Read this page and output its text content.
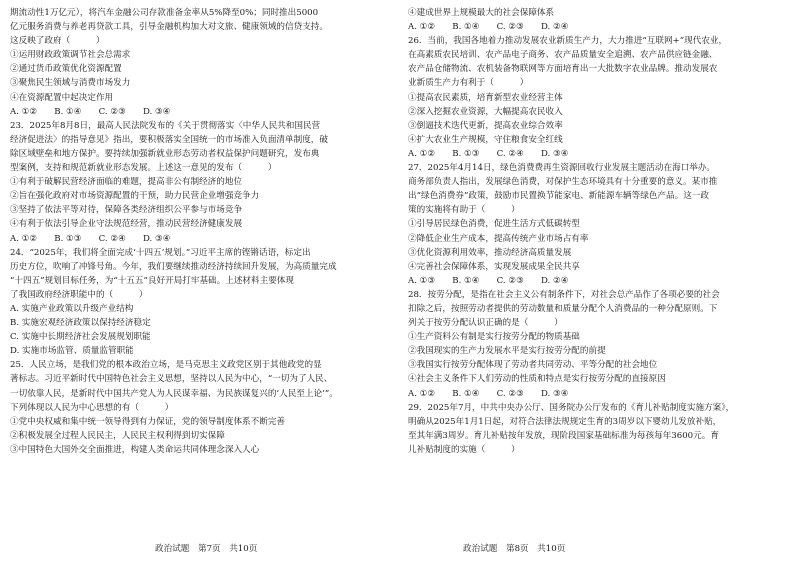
期流动性1万亿元），将汽车金融公司存款准备金率从5%降至0%；同时推出5000
亿元服务消费与养老再贷款工具，引导金融机构加大对文旅、健康领域的信贷支持。
这反映了政府（　　　）
①运用财政政策调节社会总需求
②通过货币政策优化资源配置
③聚焦民生领域与消费市场发力
④在资源配置中起决定作用
A. ①②　　B. ①④　　C. ②③　　D. ③④
23．2025年8月8日，最高人民法院发布的《关于贯彻落实〈中华人民共和国民营
经济促进法〉的指导意见》指出，要积极落实全国统一的市场准入负面清单制度，破
除区域壁垒和地方保护。要持续加强新就业形态劳动者权益保护问题研究，发布典
型案例，支持和规范新就业形态发展。上述这一意见的发布（　　　）
①有利于破解民营经济面临的难题，提高非公有制经济的地位
②旨在强化政府对市场资源配置的干预，助力民营企业增强竞争力
③坚持了依法平等对待，保障各类经济组织公平参与市场竞争
④有利于依法引导企业守法规范经营，推动民营经济健康发展
A. ①②　　B. ①③　　C. ②④　　D. ③④
24．“2025年，我们将全面完成‘十四五’规划。”习近平主席的铿锵话语，标定出
历史方位，吹响了冲锋号角。今年，我们要继续推动经济持续回升发展，为高质量完成
“十四五”规划目标任务，为“十五五”良好开局打牢基础。上述材料主要体现
了我国政府经济职能中的（　　　）
A. 实施产业政策以升级产业结构
B. 实施宏观经济政策以保持经济稳定
C. 实施中长期经济社会发展规划职能
D. 实施市场监管、质量监管职能
25．人民立场，是我们党的根本政治立场，是马克思主义政党区别于其他政党的显
著标志。习近平新时代中国特色社会主义思想，坚持以人民为中心，“一切为了人民、
一切依靠人民，是新时代中国共产党人为人民谋幸福、为民族谋复兴的‘人民至上论’”。
下列体现以人民为中心思想的有（　　　）
①党中央权威和集中统一领导得到有力保证，党的领导制度体系不断完善
②积极发展全过程人民民主，人民民主权利得到切实保障
③中国特色大国外交全面推进，构建人类命运共同体理念深入人心
④建成世界上规模最大的社会保障体系
A. ①②　　B. ①④　　C. ②③　　D. ②④
26．当前，我国各地着力推动发展农业新质生产力，大力推进“互联网+”现代农业，
在高素质农民培训、农产品电子商务、农产品质量安全追溯、农产品供应链金融、
农产品仓储物流、农机装备物联网等方面培育出一大批数字农业品牌。推动发展农
业新质生产力有利于（　　　）
①提高农民素质，培育新型农业经营主体
②深入挖掘农业资源，大幅提高农民收入
③倒逼技术迭代更新，提高农业综合效率
④扩大农业生产规模，守住粮食安全红线
A. ①②　　B. ①③　　C. ②④　　D. ③④
27．2025年4月14日，绿色消费费再生资源回收行业发展主题活动在海口举办。
商务部负责人指出，发展绿色消费，对保护生态环境具有十分重要的意义。某市推
出“绿色消费券”政策，鼓励市民置换节能家电、新能源车辆等绿色产品。这一政
策的实施将有助于（　　　）
①引导居民绿色消费，促进生活方式低碳转型
②降低企业生产成本，提高传统产业市场占有率
③优化资源利用效率，推动经济高质量发展
④完善社会保障体系，实现发展成果全民共享
A. ①③　　B. ①④　　C. ②③　　D. ②④
28．按劳分配，是指在社会主义公有制条件下，对社会总产品作了各项必要的社会
扣除之后，按照劳动者提供的劳动数量和质量分配个人消费品的一种分配原则。下
列关于按劳分配认识正确的是（　　　）
①生产资料公有制是实行按劳分配的物质基础
②我国现实的生产力发展水平是实行按劳分配的前提
③我国实行按劳分配体现了劳动者共同劳动、平等分配的社会地位
④社会主义条件下人们劳动的性质和特点是实行按劳分配的直接原因
A. ①②　　B. ①④　　C. ②③　　D. ③④
29．2025年7月，中共中央办公厅、国务院办公厅发布的《育儿补贴制度实施方案》，
明确从2025年1月1日起，对符合法律法规规定生育的3周岁以下婴幼儿发放补贴，
至其年满3周岁。育儿补贴按年发放，现阶段国家基础标准为每孩每年3600元。育
儿补贴制度的实施（　　　）
政治试题　第7页　共10页	政治试题　第8页　共10页
